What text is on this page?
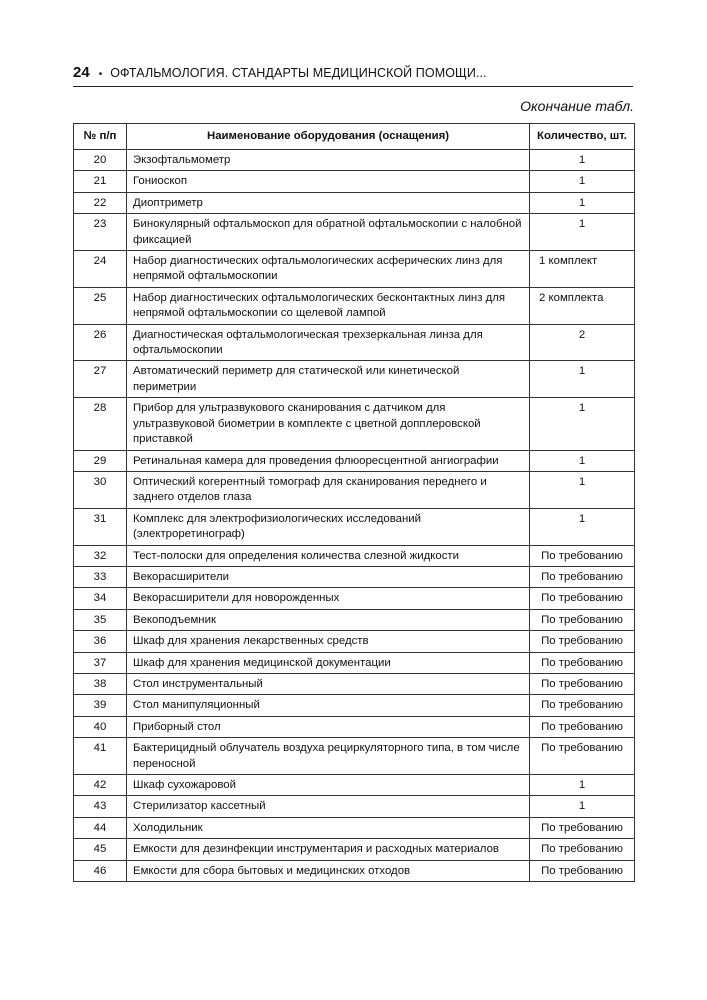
24 • ОФТАЛЬМОЛОГИЯ. СТАНДАРТЫ МЕДИЦИНСКОЙ ПОМОЩИ...
Окончание табл.
№ п/п	Наименование оборудования (оснащения)	Количество, шт.
20	Экзофтальмометр	1
21	Гониоскоп	1
22	Диоптриметр	1
23	Бинокулярный офтальмоскоп для обратной офтальмоскопии с налобной фиксацией	1
24	Набор диагностических офтальмологических асферических линз для непрямой офтальмоскопии	1 комплект
25	Набор диагностических офтальмологических бесконтактных линз для непрямой офтальмоскопии со щелевой лампой	2 комплекта
26	Диагностическая офтальмологическая трехзеркальная линза для офтальмоскопии	2
27	Автоматический периметр для статической или кинетической периметрии	1
28	Прибор для ультразвукового сканирования с датчиком для ультразвуковой биометрии в комплекте с цветной допплеровской приставкой	1
29	Ретинальная камера для проведения флюоресцентной ангиографии	1
30	Оптический когерентный томограф для сканирования переднего и заднего отделов глаза	1
31	Комплекс для электрофизиологических исследований (электроретинограф)	1
32	Тест-полоски для определения количества слезной жидкости	По требованию
33	Векорасширители	По требованию
34	Векорасширители для новорожденных	По требованию
35	Векоподъемник	По требованию
36	Шкаф для хранения лекарственных средств	По требованию
37	Шкаф для хранения медицинской документации	По требованию
38	Стол инструментальный	По требованию
39	Стол манипуляционный	По требованию
40	Приборный стол	По требованию
41	Бактерицидный облучатель воздуха рециркуляторного типа, в том числе переносной	По требованию
42	Шкаф сухожаровой	1
43	Стерилизатор кассетный	1
44	Холодильник	По требованию
45	Емкости для дезинфекции инструментария и расходных материалов	По требованию
46	Емкости для сбора бытовых и медицинских отходов	По требованию
